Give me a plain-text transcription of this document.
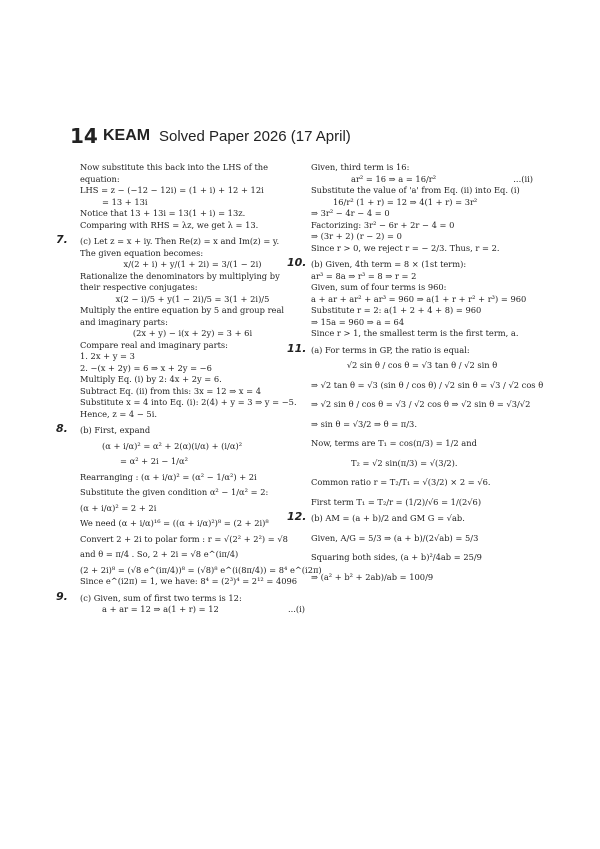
14 KEAM Solved Paper 2026 (17 April)
Now substitute this back into the LHS of the
equation:
LHS = z − (−12 − 12i) = (1 + i) + 12 + 12i
= 13 + 13i
Notice that 13 + 13i = 13(1 + i) = 13z.
Comparing with RHS = λz, we get λ = 13.
7. (c) Let z = x + iy. Then Re(z) = x and Im(z) = y.
The given equation becomes:
x/(2 + i) + y/(1 + 2i) = 3/(1 − 2i)
Rationalize the denominators by multiplying by
their respective conjugates:
x(2 − i)/5 + y(1 − 2i)/5 = 3(1 + 2i)/5
Multiply the entire equation by 5 and group real
and imaginary parts:
(2x + y) − i(x + 2y) = 3 + 6i
Compare real and imaginary parts:
1. 2x + y = 3
2. −(x + 2y) = 6 ⇒ x + 2y = −6
Multiply Eq. (i) by 2: 4x + 2y = 6.
Subtract Eq. (ii) from this: 3x = 12 ⇒ x = 4
Substitute x = 4 into Eq. (i): 2(4) + y = 3 ⇒ y = −5.
Hence, z = 4 − 5i.
8. (b) First, expand
(α + i/α)² = α² + 2(α)(i/α) + (i/α)²
= α² + 2i − 1/α²
Rearranging : (α + i/α)² = (α² − 1/α²) + 2i
Substitute the given condition α² − 1/α² = 2:
(α + i/α)² = 2 + 2i
We need (α + i/α)¹⁶ = ((α + i/α)²)⁸ = (2 + 2i)⁸
Convert 2 + 2i to polar form : r = √(2² + 2²) = √8
and θ = π/4 . So, 2 + 2i = √8 e^(iπ/4)
(2 + 2i)⁸ = (√8 e^(iπ/4))⁸ = (√8)⁸ e^(i(8π/4)) = 8⁴ e^(i2π)
Since e^(i2π) = 1, we have: 8⁴ = (2³)⁴ = 2¹² = 4096
9. (c) Given, sum of first two terms is 12:
a + ar = 12 ⇒ a(1 + r) = 12	...(i)
Given, third term is 16:
ar² = 16 ⇒ a = 16/r²	...(ii)
Substitute the value of 'a' from Eq. (ii) into Eq. (i)
16/r² (1 + r) = 12 ⇒ 4(1 + r) = 3r²
⇒ 3r² − 4r − 4 = 0
Factorizing: 3r² − 6r + 2r − 4 = 0
⇒ (3r + 2) (r − 2) = 0
Since r > 0, we reject r = − 2/3. Thus, r = 2.
10. (b) Given, 4th term = 8 × (1st term):
ar³ = 8a ⇒ r³ = 8 ⇒ r = 2
Given, sum of four terms is 960:
a + ar + ar² + ar³ = 960 ⇒ a(1 + r + r² + r³) = 960
Substitute r = 2: a(1 + 2 + 4 + 8) = 960
⇒ 15a = 960 ⇒ a = 64
Since r > 1, the smallest term is the first term, a.
11. (a) For terms in GP, the ratio is equal:
√2 sin θ / cos θ = √3 tan θ / √2 sin θ
⇒ √2 tan θ = √3 (sin θ / cos θ) / √2 sin θ = √3 / √2 cos θ
⇒ √2 sin θ / cos θ = √3 / √2 cos θ ⇒ √2 sin θ = √3/√2
⇒ sin θ = √3/2 ⇒ θ = π/3.
Now, terms are T₁ = cos(π/3) = 1/2 and
T₂ = √2 sin(π/3) = √(3/2).
Common ratio r = T₂/T₁ = √(3/2) × 2 = √6.
First term T₁ = T₂/r = (1/2)/√6 = 1/(2√6)
12. (b) AM = (a + b)/2 and GM G = √ab.
Given, A/G = 5/3 ⇒ (a + b)/(2√ab) = 5/3
Squaring both sides, (a + b)²/4ab = 25/9
⇒ (a² + b² + 2ab)/ab = 100/9
